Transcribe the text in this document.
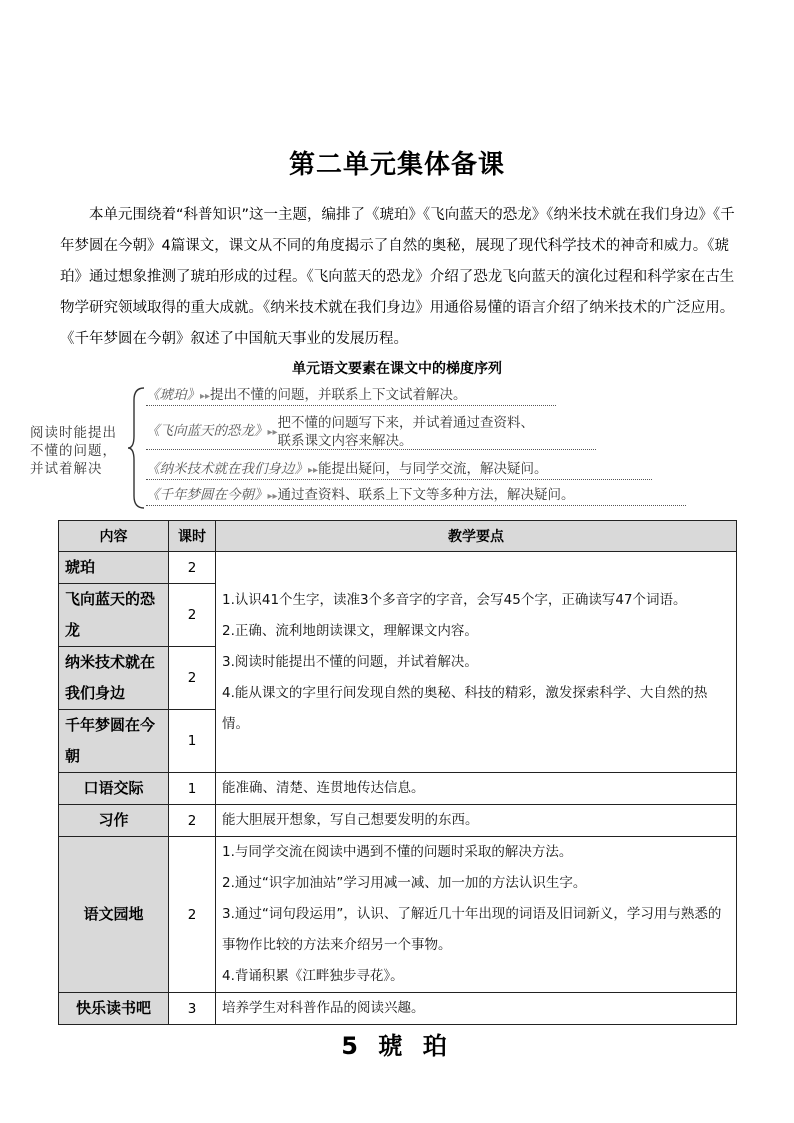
第二单元集体备课

本单元围绕着“科普知识”这一主题，编排了《琥珀》《飞向蓝天的恐龙》《纳米技术就在我们身边》《千年梦圆在今朝》4篇课文，课文从不同的角度揭示了自然的奥秘，展现了现代科学技术的神奇和威力。《琥珀》通过想象推测了琥珀形成的过程。《飞向蓝天的恐龙》介绍了恐龙飞向蓝天的演化过程和科学家在古生物学研究领域取得的重大成就。《纳米技术就在我们身边》用通俗易懂的语言介绍了纳米技术的广泛应用。《千年梦圆在今朝》叙述了中国航天事业的发展历程。

单元语文要素在课文中的梯度序列
阅读时能提出不懂的问题，并试着解决
《琥珀》▸▸提出不懂的问题，并联系上下文试着解决。
《飞向蓝天的恐龙》$_{▸▸}$把不懂的问题写下来，并试着通过查资料、
联系课文内容来解决。
《纳米技术就在我们身边》▸▸能提出疑问，与同学交流，解决疑问。
《千年梦圆在今朝》▸▸通过查资料、联系上下文等多种方法，解决疑问。
内容	课时	教学要点
琥珀	2	1.认识41个生字，读准3个多音字的字音，会写45个字，正确读写47个词语。
2.正确、流利地朗读课文，理解课文内容。
3.阅读时能提出不懂的问题，并试着解决。
4.能从课文的字里行间发现自然的奥秘、科技的精彩，激发探索科学、大自然的热情。

飞向蓝天的恐龙	2	
纳米技术就在我们身边	2	
千年梦圆在今朝	1	
口语交际	1	能准确、清楚、连贯地传达信息。
习作	2	能大胆展开想象，写自己想要发明的东西。
语文园地	2	1.与同学交流在阅读中遇到不懂的问题时采取的解决方法。
2.通过“识字加油站”学习用减一减、加一加的方法认识生字。
3.通过“词句段运用”，认识、了解近几十年出现的词语及旧词新义，学习用与熟悉的事物作比较的方法来介绍另一个事物。
4.背诵积累《江畔独步寻花》。

快乐读书吧	3	培养学生对科普作品的阅读兴趣。
5 琥 珀
